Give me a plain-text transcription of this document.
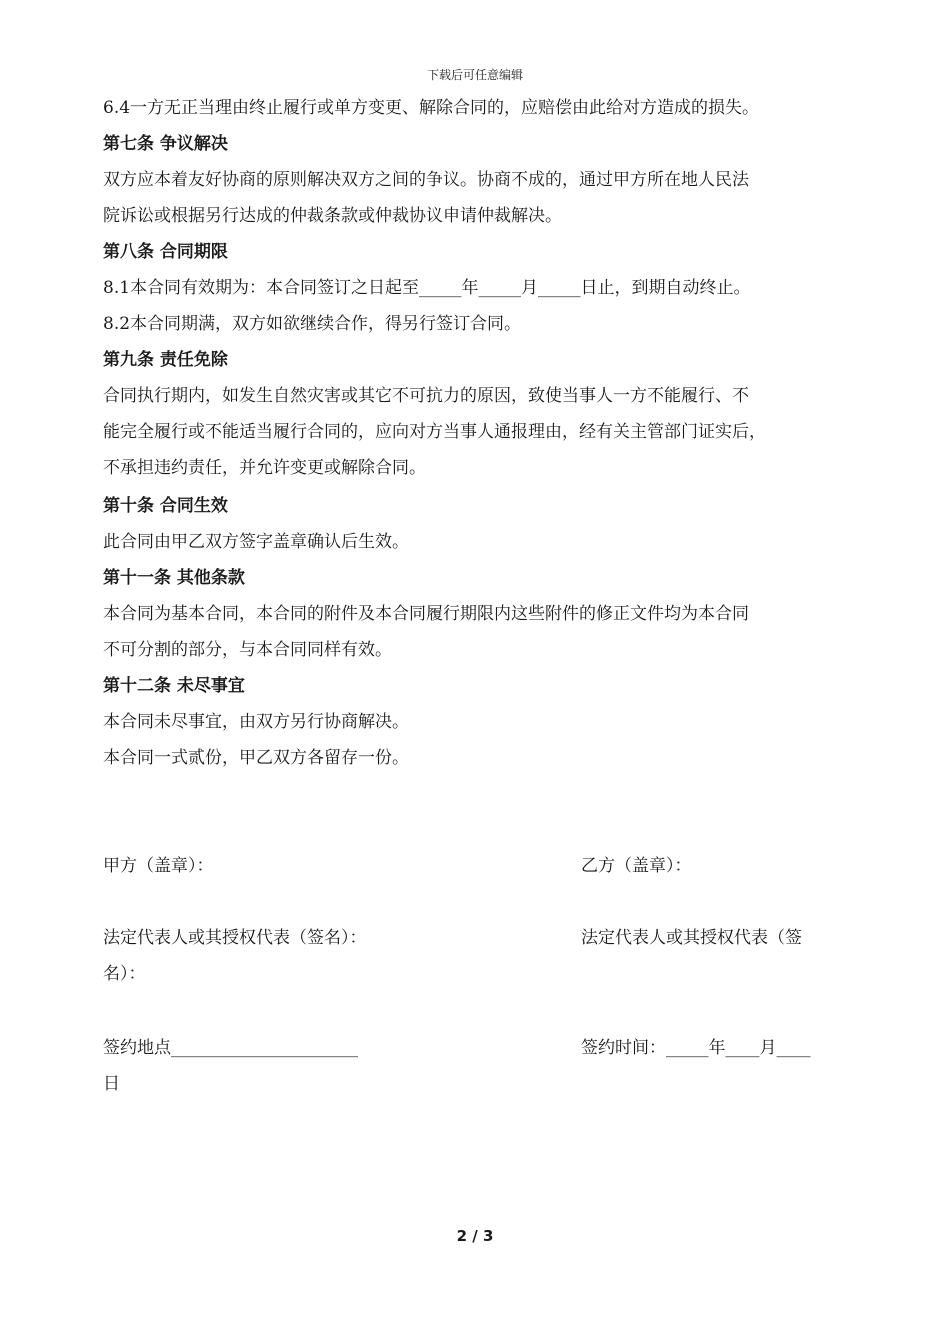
下载后可任意编辑
6.4一方无正当理由终止履行或单方变更、解除合同的，应赔偿由此给对方造成的损失。
第七条 争议解决
双方应本着友好协商的原则解决双方之间的争议。协商不成的，通过甲方所在地人民法
院诉讼或根据另行达成的仲裁条款或仲裁协议申请仲裁解决。
第八条 合同期限
8.1本合同有效期为：本合同签订之日起至_____年_____月_____日止，到期自动终止。
8.2本合同期满，双方如欲继续合作，得另行签订合同。
第九条 责任免除
合同执行期内，如发生自然灾害或其它不可抗力的原因，致使当事人一方不能履行、不
能完全履行或不能适当履行合同的，应向对方当事人通报理由，经有关主管部门证实后，
不承担违约责任，并允许变更或解除合同。
第十条 合同生效
此合同由甲乙双方签字盖章确认后生效。
第十一条 其他条款
本合同为基本合同，本合同的附件及本合同履行期限内这些附件的修正文件均为本合同
不可分割的部分，与本合同同样有效。
第十二条 未尽事宜
本合同未尽事宜，由双方另行协商解决。
本合同一式贰份，甲乙双方各留存一份。
甲方（盖章）：	乙方（盖章）：
法定代表人或其授权代表（签名）：	法定代表人或其授权代表（签
名）：
签约地点______________________	签约时间：_____年____月____
日
2 / 3
